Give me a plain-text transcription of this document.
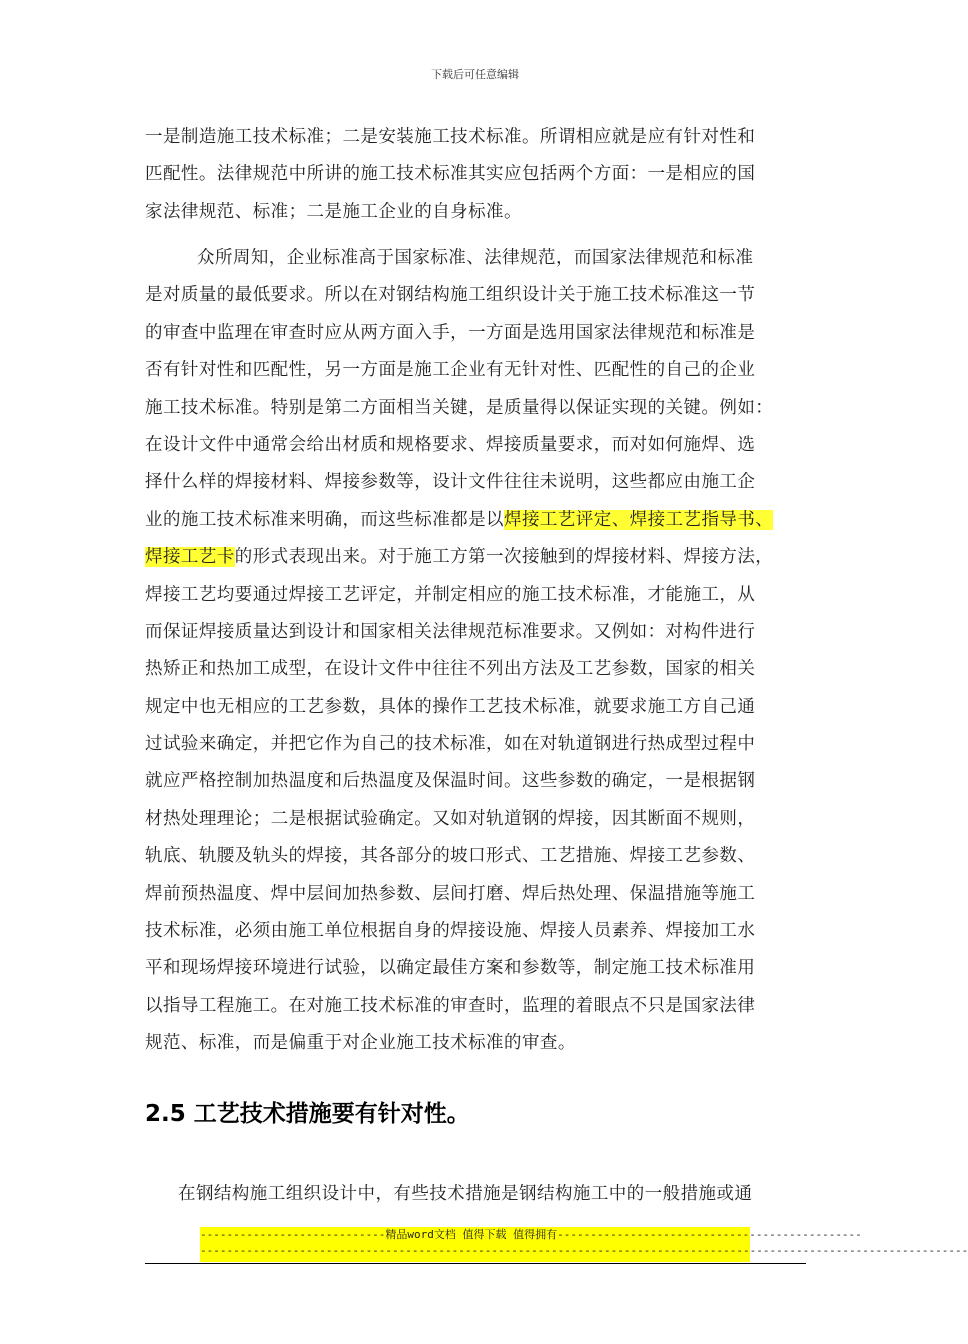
下载后可任意编辑
一是制造施工技术标准；二是安装施工技术标准。所谓相应就是应有针对性和
匹配性。法律规范中所讲的施工技术标准其实应包括两个方面：一是相应的国
家法律规范、标准；二是施工企业的自身标准。
众所周知，企业标准高于国家标准、法律规范，而国家法律规范和标准
是对质量的最低要求。所以在对钢结构施工组织设计关于施工技术标准这一节
的审查中监理在审查时应从两方面入手，一方面是选用国家法律规范和标准是
否有针对性和匹配性，另一方面是施工企业有无针对性、匹配性的自己的企业
施工技术标准。特别是第二方面相当关键，是质量得以保证实现的关键。例如：
在设计文件中通常会给出材质和规格要求、焊接质量要求，而对如何施焊、选
择什么样的焊接材料、焊接参数等，设计文件往往未说明，这些都应由施工企
业的施工技术标准来明确，而这些标准都是以焊接工艺评定、焊接工艺指导书、
焊接工艺卡的形式表现出来。对于施工方第一次接触到的焊接材料、焊接方法，
焊接工艺均要通过焊接工艺评定，并制定相应的施工技术标准，才能施工，从
而保证焊接质量达到设计和国家相关法律规范标准要求。又例如：对构件进行
热矫正和热加工成型，在设计文件中往往不列出方法及工艺参数，国家的相关
规定中也无相应的工艺参数，具体的操作工艺技术标准，就要求施工方自己通
过试验来确定，并把它作为自己的技术标准，如在对轨道钢进行热成型过程中
就应严格控制加热温度和后热温度及保温时间。这些参数的确定，一是根据钢
材热处理理论；二是根据试验确定。又如对轨道钢的焊接，因其断面不规则，
轨底、轨腰及轨头的焊接，其各部分的坡口形式、工艺措施、焊接工艺参数、
焊前预热温度、焊中层间加热参数、层间打磨、焊后热处理、保温措施等施工
技术标准，必须由施工单位根据自身的焊接设施、焊接人员素养、焊接加工水
平和现场焊接环境进行试验，以确定最佳方案和参数等，制定施工技术标准用
以指导工程施工。在对施工技术标准的审查时，监理的着眼点不只是国家法律
规范、标准，而是偏重于对企业施工技术标准的审查。
2.5 工艺技术措施要有针对性。
在钢结构施工组织设计中，有些技术措施是钢结构施工中的一般措施或通
----------------------------精品word文档 值得下载 值得拥有----------------------------------------------
--------------------------------------------------------------------------------------------------------------------
